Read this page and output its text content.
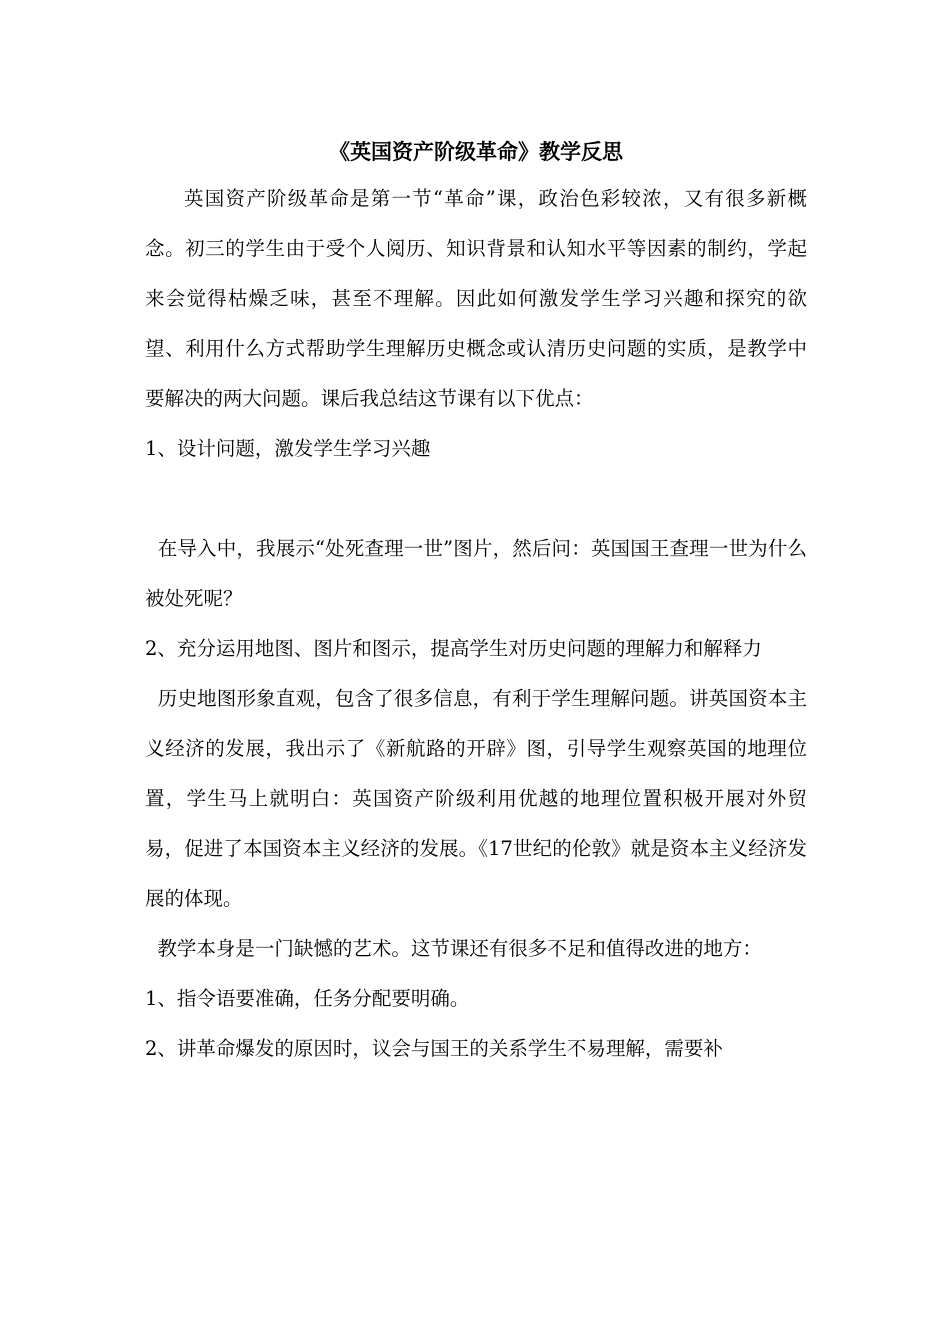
《英国资产阶级革命》教学反思

英国资产阶级革命是第一节“革命”课，政治色彩较浓，又有很多新概念。初三的学生由于受个人阅历、知识背景和认知水平等因素的制约，学起来会觉得枯燥乏味，甚至不理解。因此如何激发学生学习兴趣和探究的欲望、利用什么方式帮助学生理解历史概念或认清历史问题的实质，是教学中要解决的两大问题。课后我总结这节课有以下优点：

1、设计问题，激发学生学习兴趣

在导入中，我展示“处死查理一世”图片，然后问：英国国王查理一世为什么被处死呢？

2、充分运用地图、图片和图示，提高学生对历史问题的理解力和解释力

历史地图形象直观，包含了很多信息，有利于学生理解问题。讲英国资本主义经济的发展，我出示了《新航路的开辟》图，引导学生观察英国的地理位置，学生马上就明白：英国资产阶级利用优越的地理位置积极开展对外贸易，促进了本国资本主义经济的发展。《17世纪的伦敦》就是资本主义经济发展的体现。

教学本身是一门缺憾的艺术。这节课还有很多不足和值得改进的地方：

1、指令语要准确，任务分配要明确。

2、讲革命爆发的原因时，议会与国王的关系学生不易理解，需要补
